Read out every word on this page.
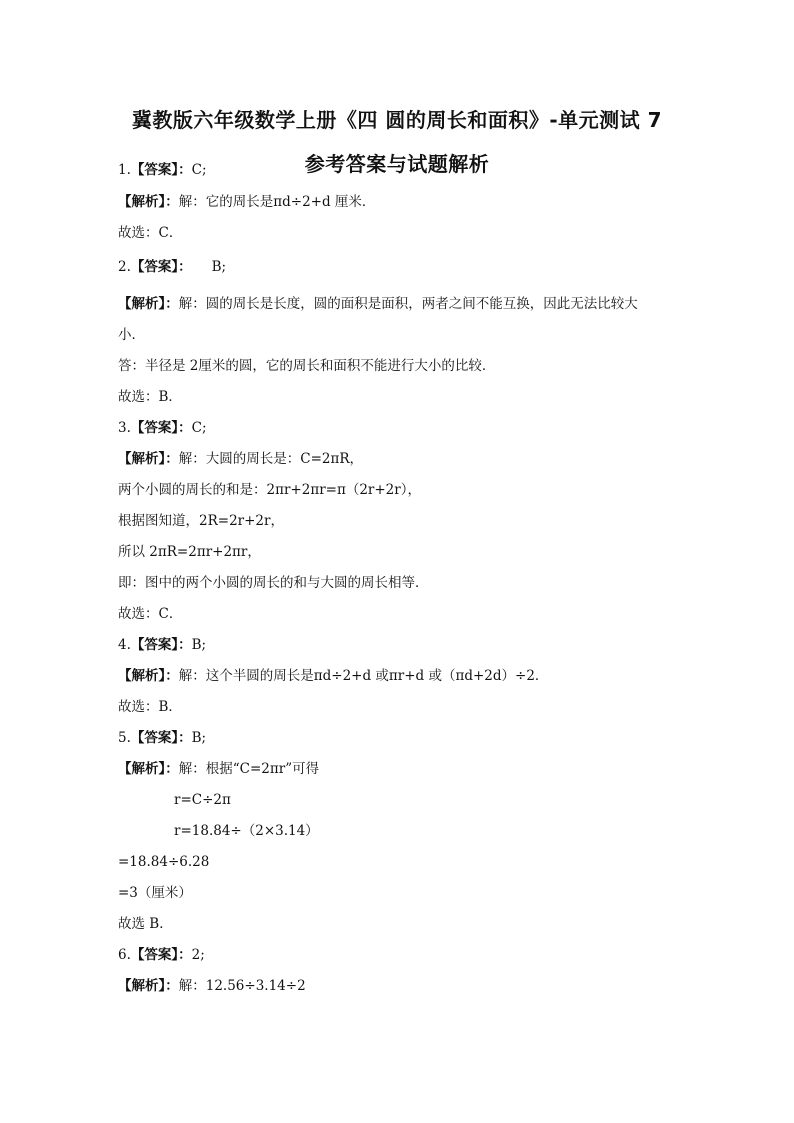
冀教版六年级数学上册《四 圆的周长和面积》-单元测试 7
参考答案与试题解析
1.【答案】：C;
【解析】：解：它的周长是πd÷2+d 厘米．
故选：C．
2.【答案】： B;
【解析】：解：圆的周长是长度，圆的面积是面积，两者之间不能互换，因此无法比较大
小．
答：半径是 2厘米的圆，它的周长和面积不能进行大小的比较．
故选：B．
3.【答案】：C;
【解析】：解：大圆的周长是：C=2πR，
两个小圆的周长的和是：2πr+2πr=π（2r+2r），
根据图知道，2R=2r+2r，
所以 2πR=2πr+2πr，
即：图中的两个小圆的周长的和与大圆的周长相等．
故选：C．
4.【答案】：B;
【解析】：解：这个半圆的周长是πd÷2+d 或πr+d 或（πd+2d）÷2．
故选：B．
5.【答案】：B;
【解析】：解：根据“C=2πr”可得
r=C÷2π
r=18.84÷（2×3.14）
=18.84÷6.28
=3（厘米）
故选 B．
6.【答案】：2;
【解析】：解：12.56÷3.14÷2
